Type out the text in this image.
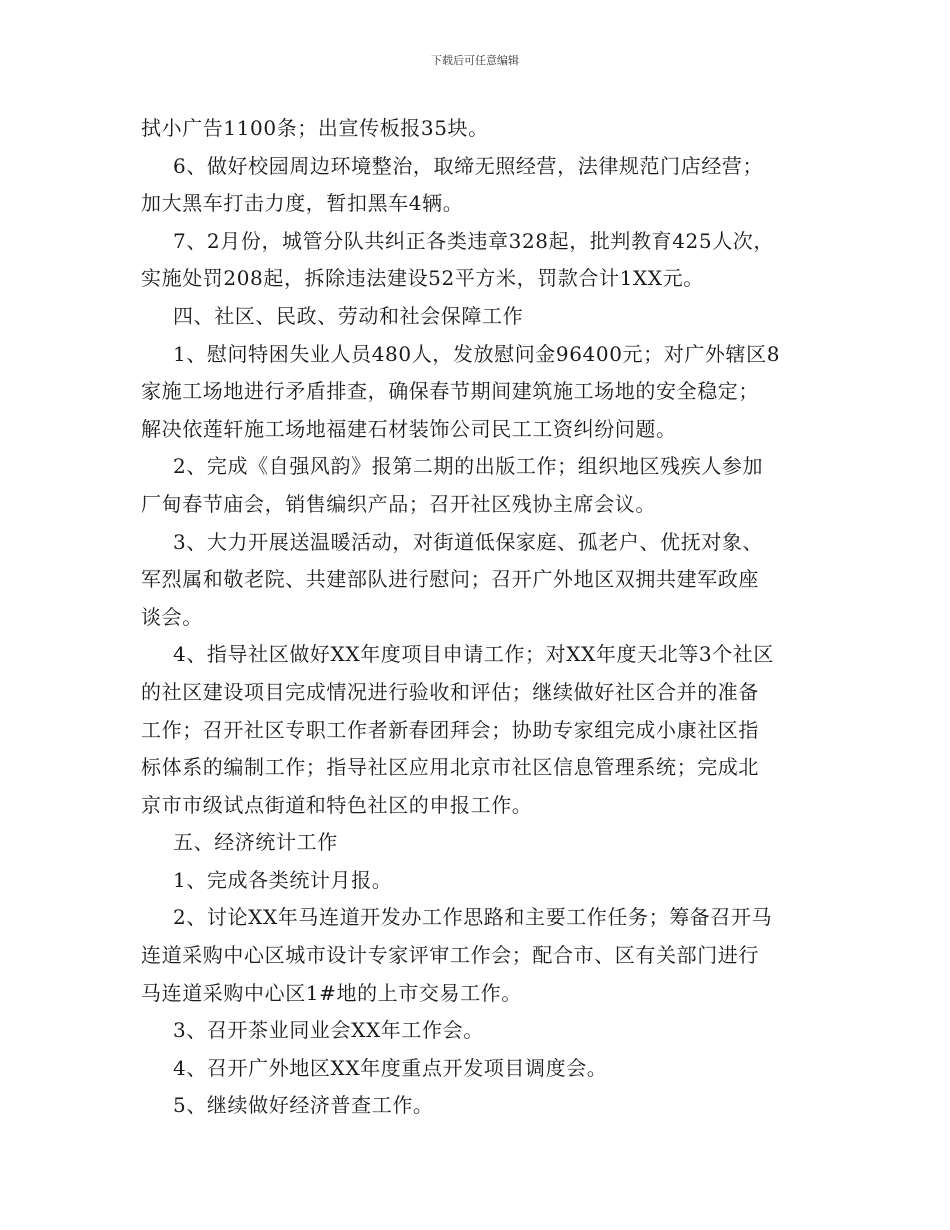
下载后可任意编辑
拭小广告1100条；出宣传板报35块。
6、做好校园周边环境整治，取缔无照经营，法律规范门店经营；
加大黑车打击力度，暂扣黑车4辆。
7、2月份，城管分队共纠正各类违章328起，批判教育425人次，
实施处罚208起，拆除违法建设52平方米，罚款合计1XX元。
四、社区、民政、劳动和社会保障工作
1、慰问特困失业人员480人，发放慰问金96400元；对广外辖区8
家施工场地进行矛盾排查，确保春节期间建筑施工场地的安全稳定；
解决依莲轩施工场地福建石材装饰公司民工工资纠纷问题。
2、完成《自强风韵》报第二期的出版工作；组织地区残疾人参加
厂甸春节庙会，销售编织产品；召开社区残协主席会议。
3、大力开展送温暖活动，对街道低保家庭、孤老户、优抚对象、
军烈属和敬老院、共建部队进行慰问；召开广外地区双拥共建军政座
谈会。
4、指导社区做好XX年度项目申请工作；对XX年度天北等3个社区
的社区建设项目完成情况进行验收和评估；继续做好社区合并的准备
工作；召开社区专职工作者新春团拜会；协助专家组完成小康社区指
标体系的编制工作；指导社区应用北京市社区信息管理系统；完成北
京市市级试点街道和特色社区的申报工作。
五、经济统计工作
1、完成各类统计月报。
2、讨论XX年马连道开发办工作思路和主要工作任务；筹备召开马
连道采购中心区城市设计专家评审工作会；配合市、区有关部门进行
马连道采购中心区1#地的上市交易工作。
3、召开茶业同业会XX年工作会。
4、召开广外地区XX年度重点开发项目调度会。
5、继续做好经济普查工作。
